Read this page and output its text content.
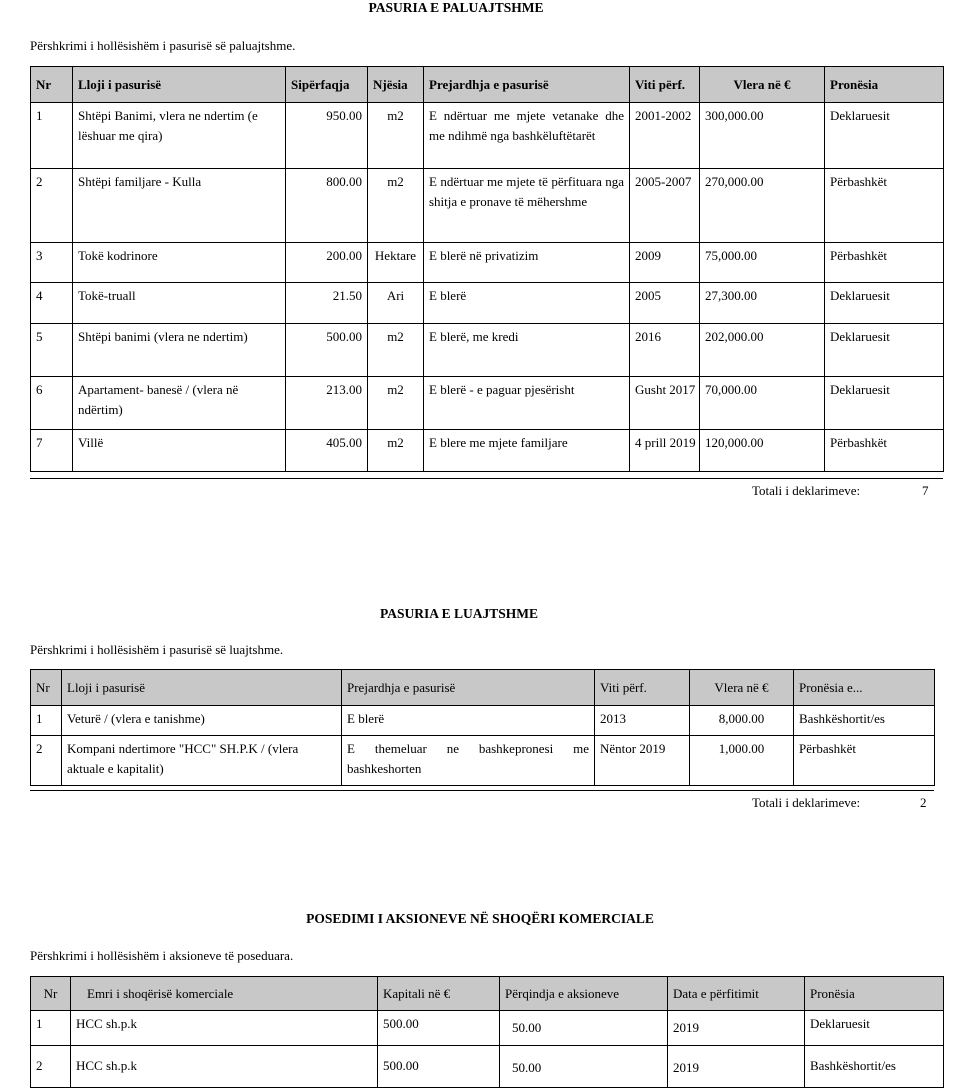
PASURIA E PALUAJTSHME
Përshkrimi i hollësishëm i pasurisë së paluajtshme.
Nr	Lloji i pasurisë	Sipërfaqja	Njësia	Prejardhja e pasurisë	Viti përf.	Vlera në €	Pronësia
1	Shtëpi Banimi, vlera ne ndertim (e lëshuar me qira)	950.00	m2	E ndërtuar me mjete vetanake dhe me ndihmë nga bashkëluftëtarët	2001-2002	300,000.00	Deklaruesit
2	Shtëpi familjare - Kulla	800.00	m2	E ndërtuar me mjete të përfituara nga shitja e pronave të mëhershme	2005-2007	270,000.00	Përbashkët
3	Tokë kodrinore	200.00	Hektare	E blerë në privatizim	2009	75,000.00	Përbashkët
4	Tokë-truall	21.50	Ari	E blerë	2005	27,300.00	Deklaruesit
5	Shtëpi banimi (vlera ne ndertim)	500.00	m2	E blerë, me kredi	2016	202,000.00	Deklaruesit
6	Apartament- banesë / (vlera në ndërtim)	213.00	m2	E blerë - e paguar pjesërisht	Gusht 2017	70,000.00	Deklaruesit
7	Villë	405.00	m2	E blere me mjete familjare	4 prill 2019	120,000.00	Përbashkët
Totali i deklarimeve:	7
PASURIA E LUAJTSHME
Përshkrimi i hollësishëm i pasurisë së luajtshme.
Nr	Lloji i pasurisë	Prejardhja e pasurisë	Viti përf.	Vlera në €	Pronësia e...
1	Veturë / (vlera e tanishme)	E blerë	2013	8,000.00	Bashkëshortit/es
2	Kompani ndertimore "HCC" SH.P.K / (vlera aktuale e kapitalit)	E themeluar ne bashkepronesi me bashkeshorten	Nëntor 2019	1,000.00	Përbashkët
Totali i deklarimeve:	2
POSEDIMI I AKSIONEVE NË SHOQËRI KOMERCIALE
Përshkrimi i hollësishëm i aksioneve të poseduara.
Nr	Emri i shoqërisë komerciale	Kapitali në €	Përqindja e aksioneve	Data e përfitimit	Pronësia
1	HCC sh.p.k	500.00	50.00	2019	Deklaruesit
2	HCC sh.p.k	500.00	50.00	2019	Bashkëshortit/es
